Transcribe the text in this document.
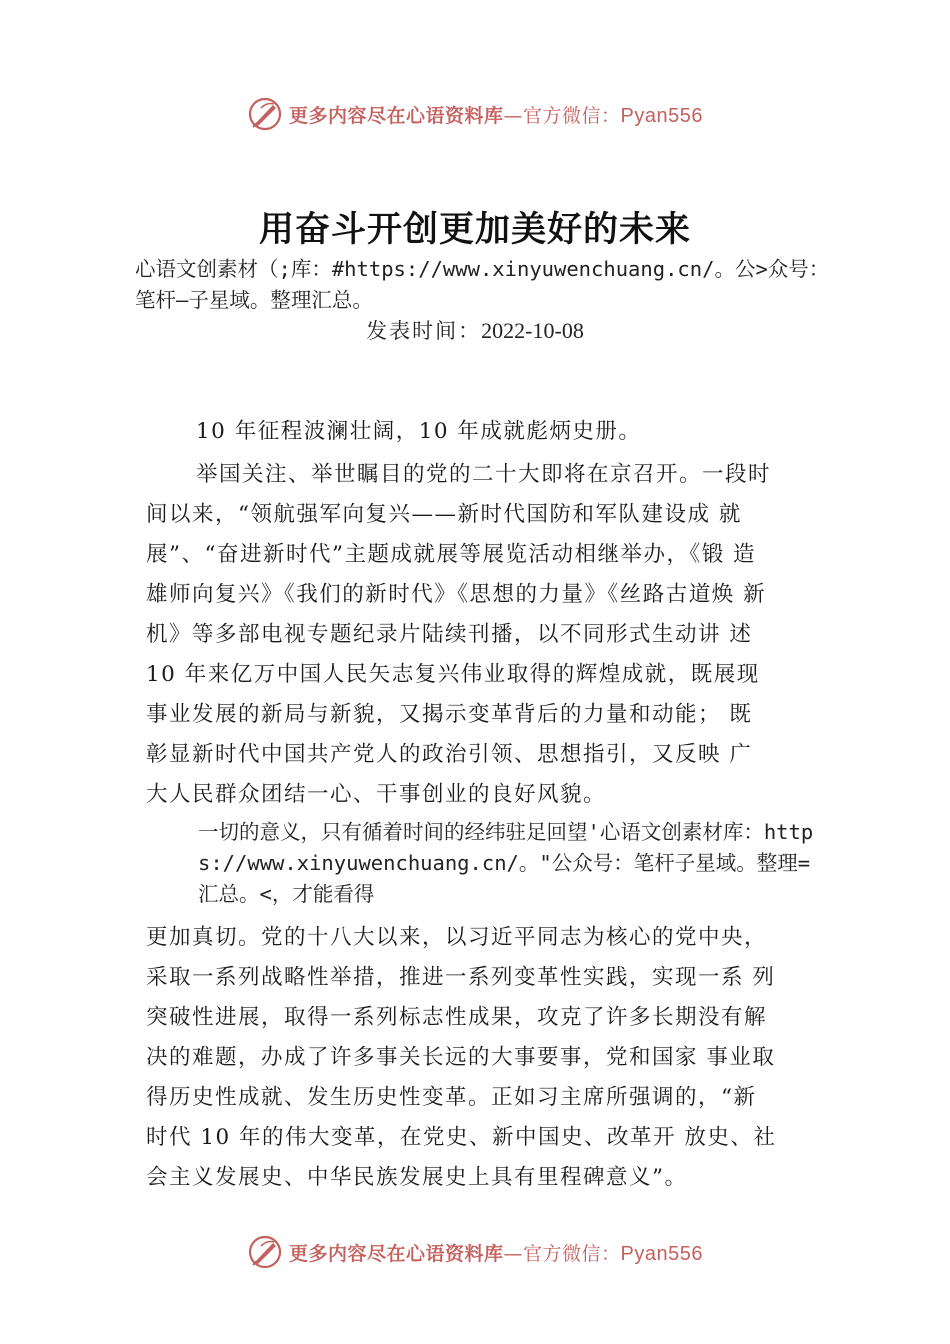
更多内容尽在心语资料库—官方微信：Pyan556
用奋斗开创更加美好的未来
心语文创素材（;库：#https://www.xinyuwenchuang.cn/。公>众号：笔杆—子星域。整理汇总。
发表时间：2022-10-08
10 年征程波澜壮阔，10 年成就彪炳史册。
举国关注、举世瞩目的党的二十大即将在京召开。一段时
间以来，“领航强军向复兴——新时代国防和军队建设成 就
展”、“奋进新时代”主题成就展等展览活动相继举办，《锻 造
雄师向复兴》《我们的新时代》《思想的力量》《丝路古道焕 新
机》等多部电视专题纪录片陆续刊播，以不同形式生动讲 述
10 年来亿万中国人民矢志复兴伟业取得的辉煌成就，既展现
事业发展的新局与新貌，又揭示变革背后的力量和动能； 既
彰显新时代中国共产党人的政治引领、思想指引，又反映 广
大人民群众团结一心、干事创业的良好风貌。
一切的意义，只有循着时间的经纬驻足回望'心语文创素材库：https://www.xinyuwenchuang.cn/。"公众号：笔杆子星域。整理=汇总。<，才能看得
更加真切。党的十八大以来，以习近平同志为核心的党中央，
采取一系列战略性举措，推进一系列变革性实践，实现一系 列
突破性进展，取得一系列标志性成果，攻克了许多长期没有解
决的难题，办成了许多事关长远的大事要事，党和国家 事业取
得历史性成就、发生历史性变革。正如习主席所强调的，“新
时代 10 年的伟大变革，在党史、新中国史、改革开 放史、社
会主义发展史、中华民族发展史上具有里程碑意义”。
更多内容尽在心语资料库—官方微信：Pyan556
